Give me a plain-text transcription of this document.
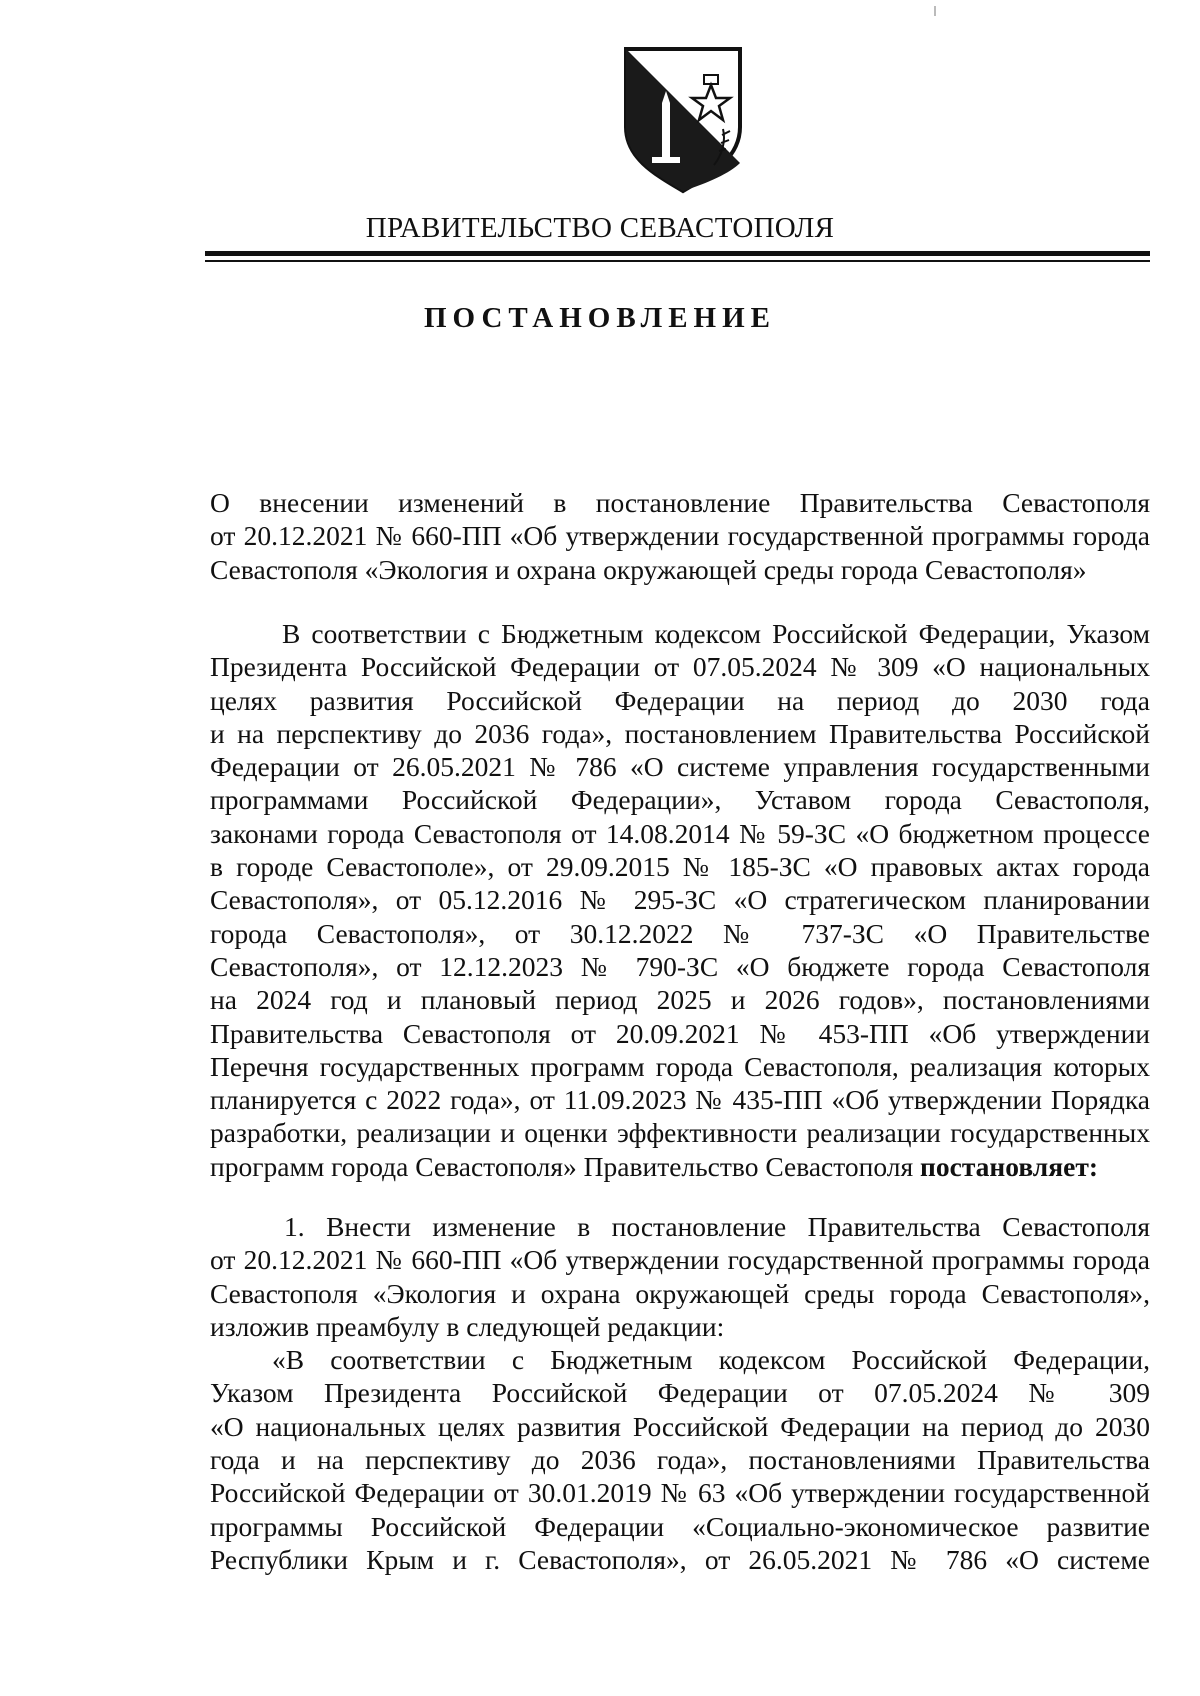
ПРАВИТЕЛЬСТВО СЕВАСТОПОЛЯ
ПОСТАНОВЛЕНИЕ

О внесении изменений в постановление Правительства Севастополя

от 20.12.2021 № 660-ПП «Об утверждении государственной программы города

Севастополя «Экология и охрана окружающей среды города Севастополя»

В соответствии с Бюджетным кодексом Российской Федерации, Указом

Президента Российской Федерации от 07.05.2024 № 309 «О национальных

целях развития Российской Федерации на период до 2030 года

и на перспективу до 2036 года», постановлением Правительства Российской

Федерации от 26.05.2021 № 786 «О системе управления государственными

программами Российской Федерации», Уставом города Севастополя,

законами города Севастополя от 14.08.2014 № 59-ЗС «О бюджетном процессе

в городе Севастополе», от 29.09.2015 № 185-ЗС «О правовых актах города

Севастополя», от 05.12.2016 № 295-ЗС «О стратегическом планировании

города Севастополя», от 30.12.2022 № 737-ЗС «О Правительстве

Севастополя», от 12.12.2023 № 790-ЗС «О бюджете города Севастополя

на 2024 год и плановый период 2025 и 2026 годов», постановлениями

Правительства Севастополя от 20.09.2021 № 453-ПП «Об утверждении

Перечня государственных программ города Севастополя, реализация которых

планируется с 2022 года», от 11.09.2023 № 435-ПП «Об утверждении Порядка

разработки, реализации и оценки эффективности реализации государственных

программ города Севастополя» Правительство Севастополя постановляет:

1. Внести изменение в постановление Правительства Севастополя

от 20.12.2021 № 660-ПП «Об утверждении государственной программы города

Севастополя «Экология и охрана окружающей среды города Севастополя»,

изложив преамбулу в следующей редакции:

«В соответствии с Бюджетным кодексом Российской Федерации,

Указом Президента Российской Федерации от 07.05.2024 № 309

«О национальных целях развития Российской Федерации на период до 2030

года и на перспективу до 2036 года», постановлениями Правительства

Российской Федерации от 30.01.2019 № 63 «Об утверждении государственной

программы Российской Федерации «Социально-экономическое развитие

Республики Крым и г. Севастополя», от 26.05.2021 № 786 «О системе
